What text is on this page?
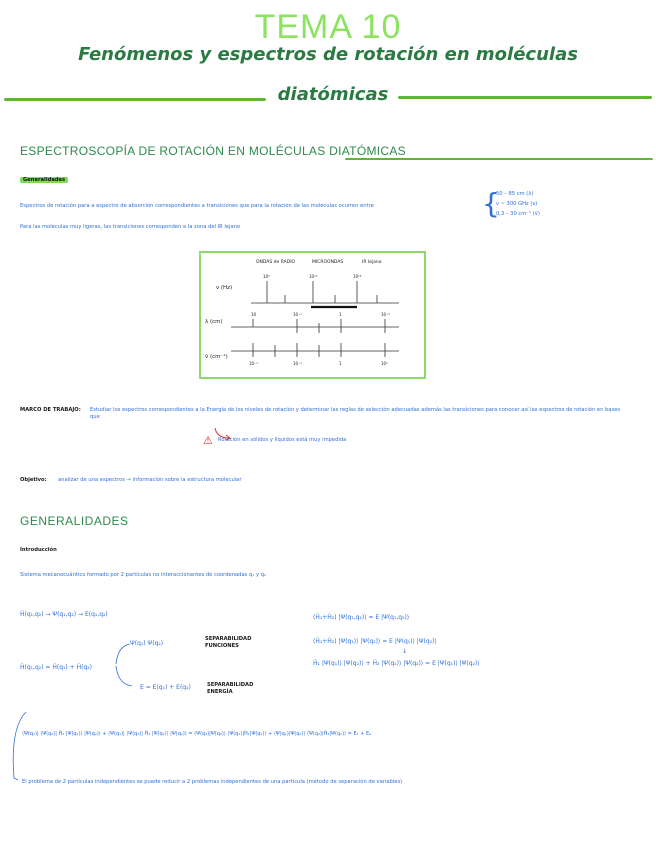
TEMA 10
Fenómenos y espectros de rotación en moléculas
diatómicas
ESPECTROSCOPÍA DE ROTACIÓN EN MOLÉCULAS DIATÓMICAS
Generalidades
Espectros de rotación para a espectro de absorción correspondientes a transiciones que para la rotación de las moléculas ocurren entre	{
50 – 85 cm (λ)
ν ~ 300 GHz (ν)
0,3 – 30 cm⁻¹ (ṽ)
Para las moléculas muy ligeras, las transiciones corresponden a la zona del IR lejano
ONDAS de RADIO	MICROONDAS	IR lejano
ν (Hz)
λ (cm)
ṽ (cm⁻¹)
10⁹	10¹¹	10¹³
10	10⁻¹	1	10⁻³
10⁻¹	10⁻¹	1	10²
MARCO DE TRABAJO: Estudiar los espectros correspondientes a la Energía de los niveles de rotación y determinar las reglas de selección adecuadas además las transiciones para conocer así las espectros de rotación en bases que
⚠ Rotación en sólidos y líquidos está muy impedida
Objetivo: analizar de una espectros → información sobre la estructura molecular
GENERALIDADES
Introducción
Sistema mecanocuántico formado por 2 partículas no interaccionantes de coordenadas q₁ y q₂
Ĥ(q₁,q₂) → Ψ(q₁,q₂) → E(q₁,q₂)
Ψ(q₁) Ψ(q₂)
SEPARABILIDAD FUNCIONES
Ĥ(q₁,q₂) = Ĥ(q₁) + Ĥ(q₂)
E = E(q₁) + E(q₂)	SEPARABILIDAD ENERGÍA
(Ĥ₁+Ĥ₂) |Ψ(q₁,q₂)⟩ = E |Ψ(q₁,q₂)⟩
(Ĥ₁+Ĥ₂) |Ψ(q₁)⟩ |Ψ(q₂)⟩ = E |Ψ(q₁)⟩ |Ψ(q₂)⟩
↓
Ĥ₁ |Ψ(q₁)⟩ |Ψ(q₂)⟩ + Ĥ₂ |Ψ(q₁)⟩ |Ψ(q₂)⟩ = E |Ψ(q₁)⟩ |Ψ(q₂)⟩
⟨Ψ(q₁)| ⟨Ψ(q₂)| Ĥ₁ |Ψ(q₁)⟩ |Ψ(q₂)⟩ + ⟨Ψ(q₁)| ⟨Ψ(q₂)| Ĥ₂ |Ψ(q₁)⟩ |Ψ(q₂)⟩ = ⟨Ψ(q₂)|Ψ(q₂)⟩ ⟨Ψ(q₁)|Ĥ₁|Ψ(q₁)⟩ + ⟨Ψ(q₁)|Ψ(q₁)⟩ ⟨Ψ(q₂)|Ĥ₂|Ψ(q₂)⟩ = E₁ + E₂
El problema de 2 partículas independientes se puede reducir a 2 problemas independientes de una partícula (método de separación de variables)
